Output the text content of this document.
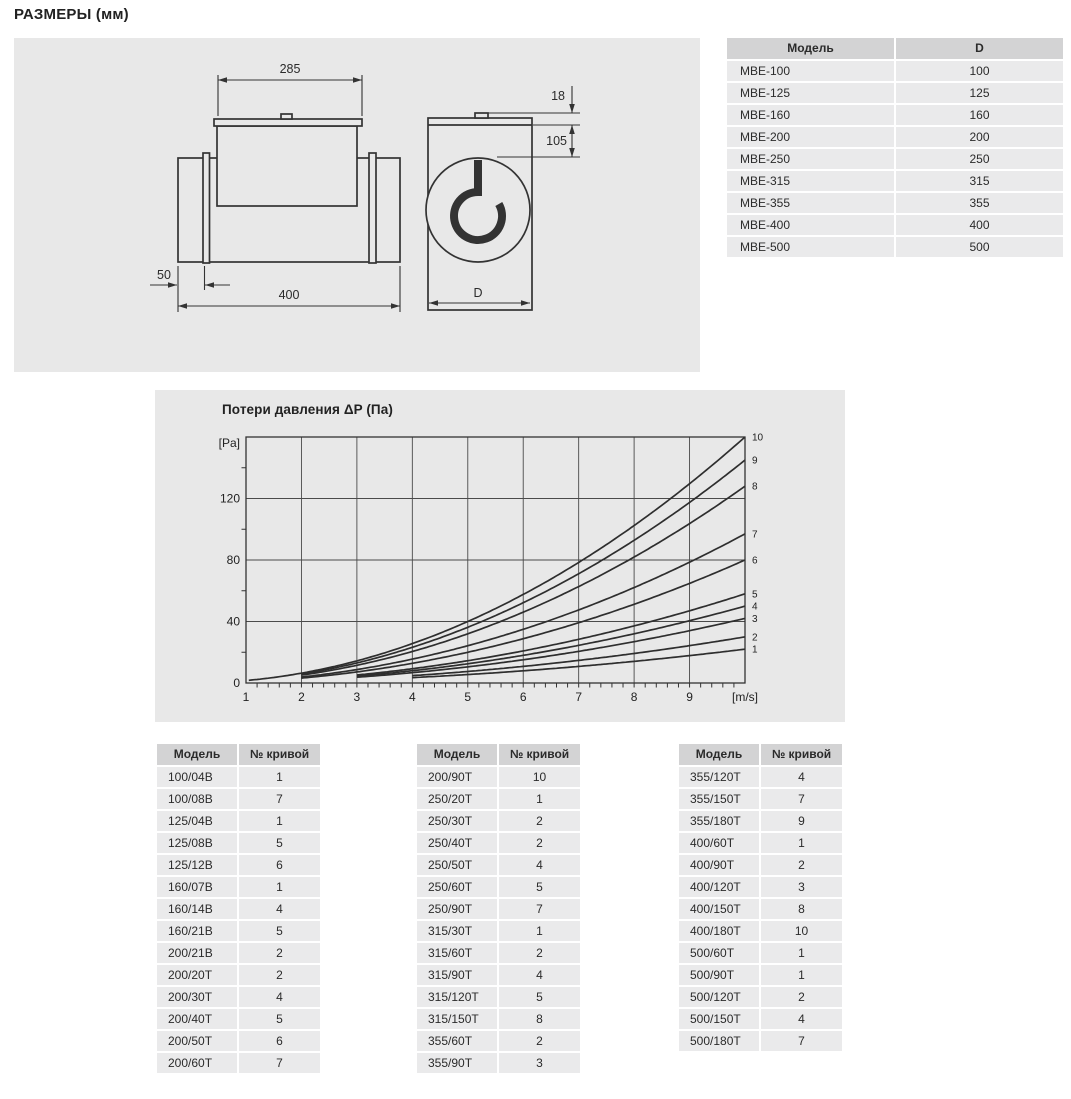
РАЗМЕРЫ (мм)
285
400
50
18
105
D
Модель	D
МВЕ-100	100
МВЕ-125	125
МВЕ-160	160
МВЕ-200	200
МВЕ-250	250
МВЕ-315	315
МВЕ-355	355
МВЕ-400	400
МВЕ-500	500
Потери давления ΔP (Па)
1	2	3	4	5	6	7	8	9	[m/s]
0
40
80
120
[Pa]
1
2
3
4
5
6
7
8
9
10
Модель	№ кривой
100/04В	1
100/08В	7
125/04В	1
125/08В	5
125/12В	6
160/07В	1
160/14В	4
160/21В	5
200/21В	2
200/20Т	2
200/30Т	4
200/40Т	5
200/50Т	6
200/60Т	7
Модель	№ кривой
200/90Т	10
250/20Т	1
250/30Т	2
250/40Т	2
250/50Т	4
250/60Т	5
250/90Т	7
315/30Т	1
315/60Т	2
315/90Т	4
315/120Т	5
315/150Т	8
355/60Т	2
355/90Т	3
Модель	№ кривой
355/120Т	4
355/150Т	7
355/180Т	9
400/60Т	1
400/90Т	2
400/120Т	3
400/150Т	8
400/180Т	10
500/60Т	1
500/90Т	1
500/120Т	2
500/150Т	4
500/180Т	7
